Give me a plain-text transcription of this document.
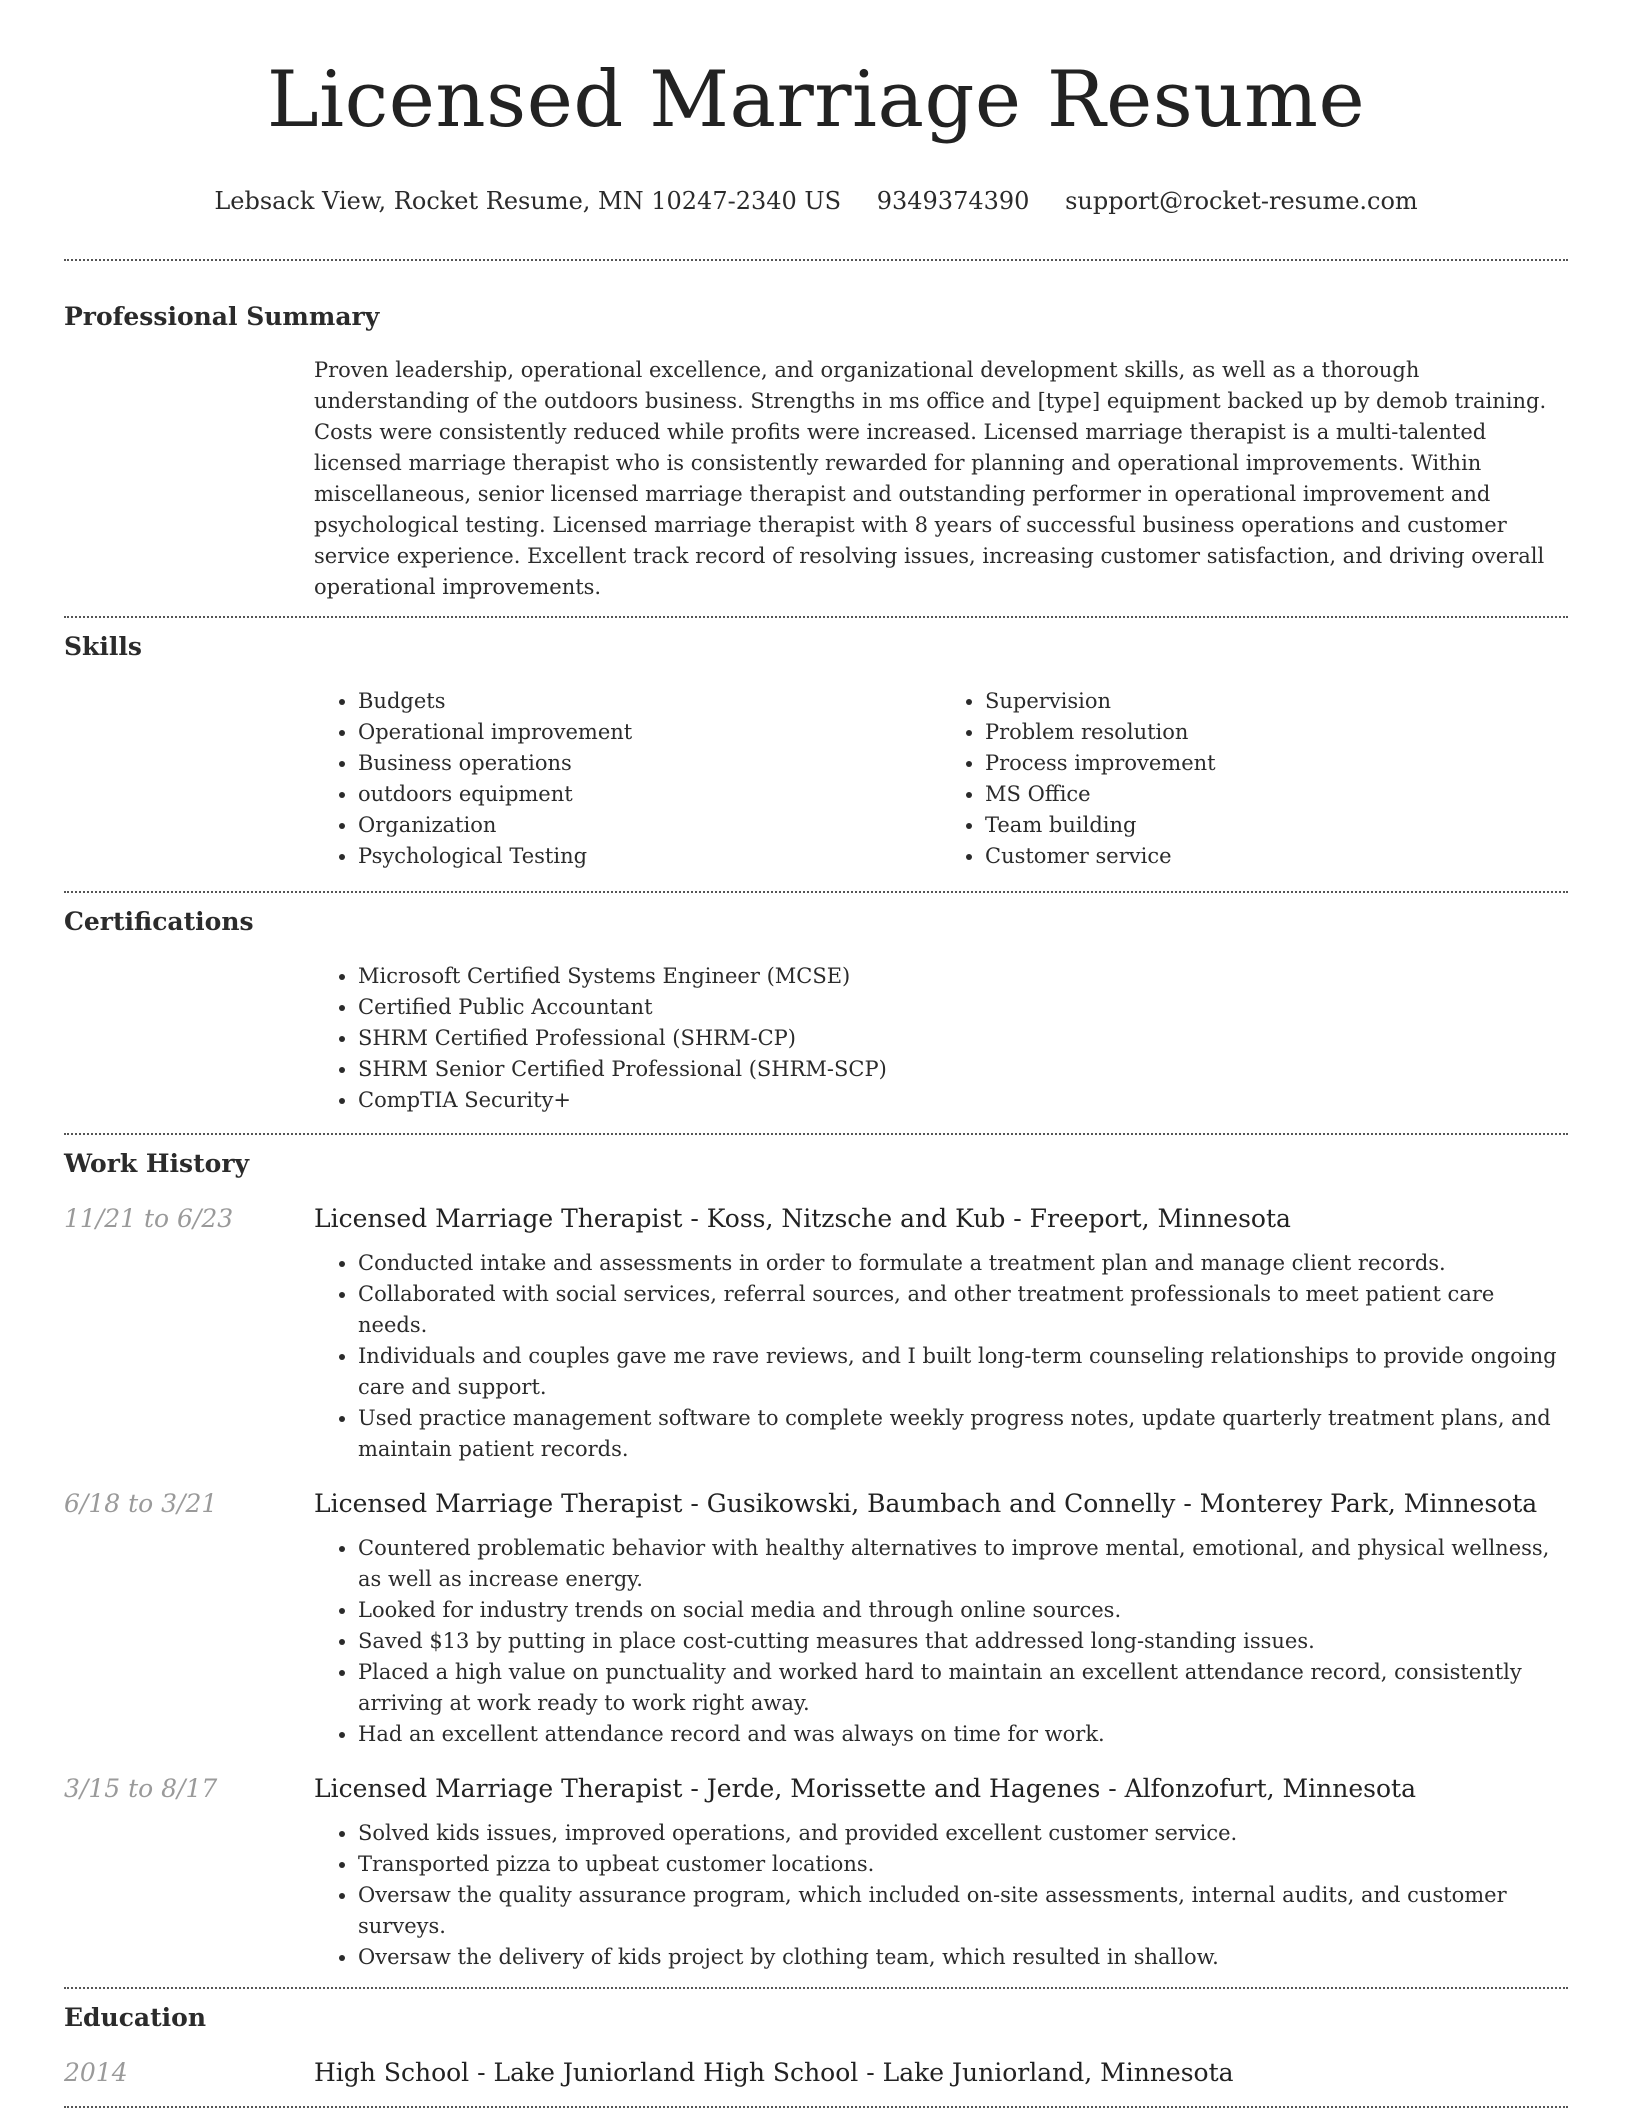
Licensed Marriage Resume
Lebsack View, Rocket Resume, MN 10247-2340 US 9349374390 support@rocket-resume.com
Professional Summary
Proven leadership, operational excellence, and organizational development skills, as well as a thorough understanding of the outdoors business. Strengths in ms office and [type] equipment backed up by demob training. Costs were consistently reduced while profits were increased. Licensed marriage therapist is a multi-talented licensed marriage therapist who is consistently rewarded for planning and operational improvements. Within miscellaneous, senior licensed marriage therapist and outstanding performer in operational improvement and psychological testing. Licensed marriage therapist with 8 years of successful business operations and customer service experience. Excellent track record of resolving issues, increasing customer satisfaction, and driving overall operational improvements.
Skills
• Budgets
• Operational improvement
• Business operations
• outdoors equipment
• Organization
• Psychological Testing
• Supervision
• Problem resolution
• Process improvement
• MS Office
• Team building
• Customer service
Certifications
• Microsoft Certified Systems Engineer (MCSE)
• Certified Public Accountant
• SHRM Certified Professional (SHRM-CP)
• SHRM Senior Certified Professional (SHRM-SCP)
• CompTIA Security+
Work History
11/21 to 6/23	Licensed Marriage Therapist - Koss, Nitzsche and Kub - Freeport, Minnesota
• Conducted intake and assessments in order to formulate a treatment plan and manage client records.
• Collaborated with social services, referral sources, and other treatment professionals to meet patient care needs.
• Individuals and couples gave me rave reviews, and I built long-term counseling relationships to provide ongoing care and support.
• Used practice management software to complete weekly progress notes, update quarterly treatment plans, and maintain patient records.
6/18 to 3/21	Licensed Marriage Therapist - Gusikowski, Baumbach and Connelly - Monterey Park, Minnesota
• Countered problematic behavior with healthy alternatives to improve mental, emotional, and physical wellness, as well as increase energy.
• Looked for industry trends on social media and through online sources.
• Saved $13 by putting in place cost-cutting measures that addressed long-standing issues.
• Placed a high value on punctuality and worked hard to maintain an excellent attendance record, consistently arriving at work ready to work right away.
• Had an excellent attendance record and was always on time for work.
3/15 to 8/17	Licensed Marriage Therapist - Jerde, Morissette and Hagenes - Alfonzofurt, Minnesota
• Solved kids issues, improved operations, and provided excellent customer service.
• Transported pizza to upbeat customer locations.
• Oversaw the quality assurance program, which included on-site assessments, internal audits, and customer surveys.
• Oversaw the delivery of kids project by clothing team, which resulted in shallow.
Education
2014	High School - Lake Juniorland High School - Lake Juniorland, Minnesota
